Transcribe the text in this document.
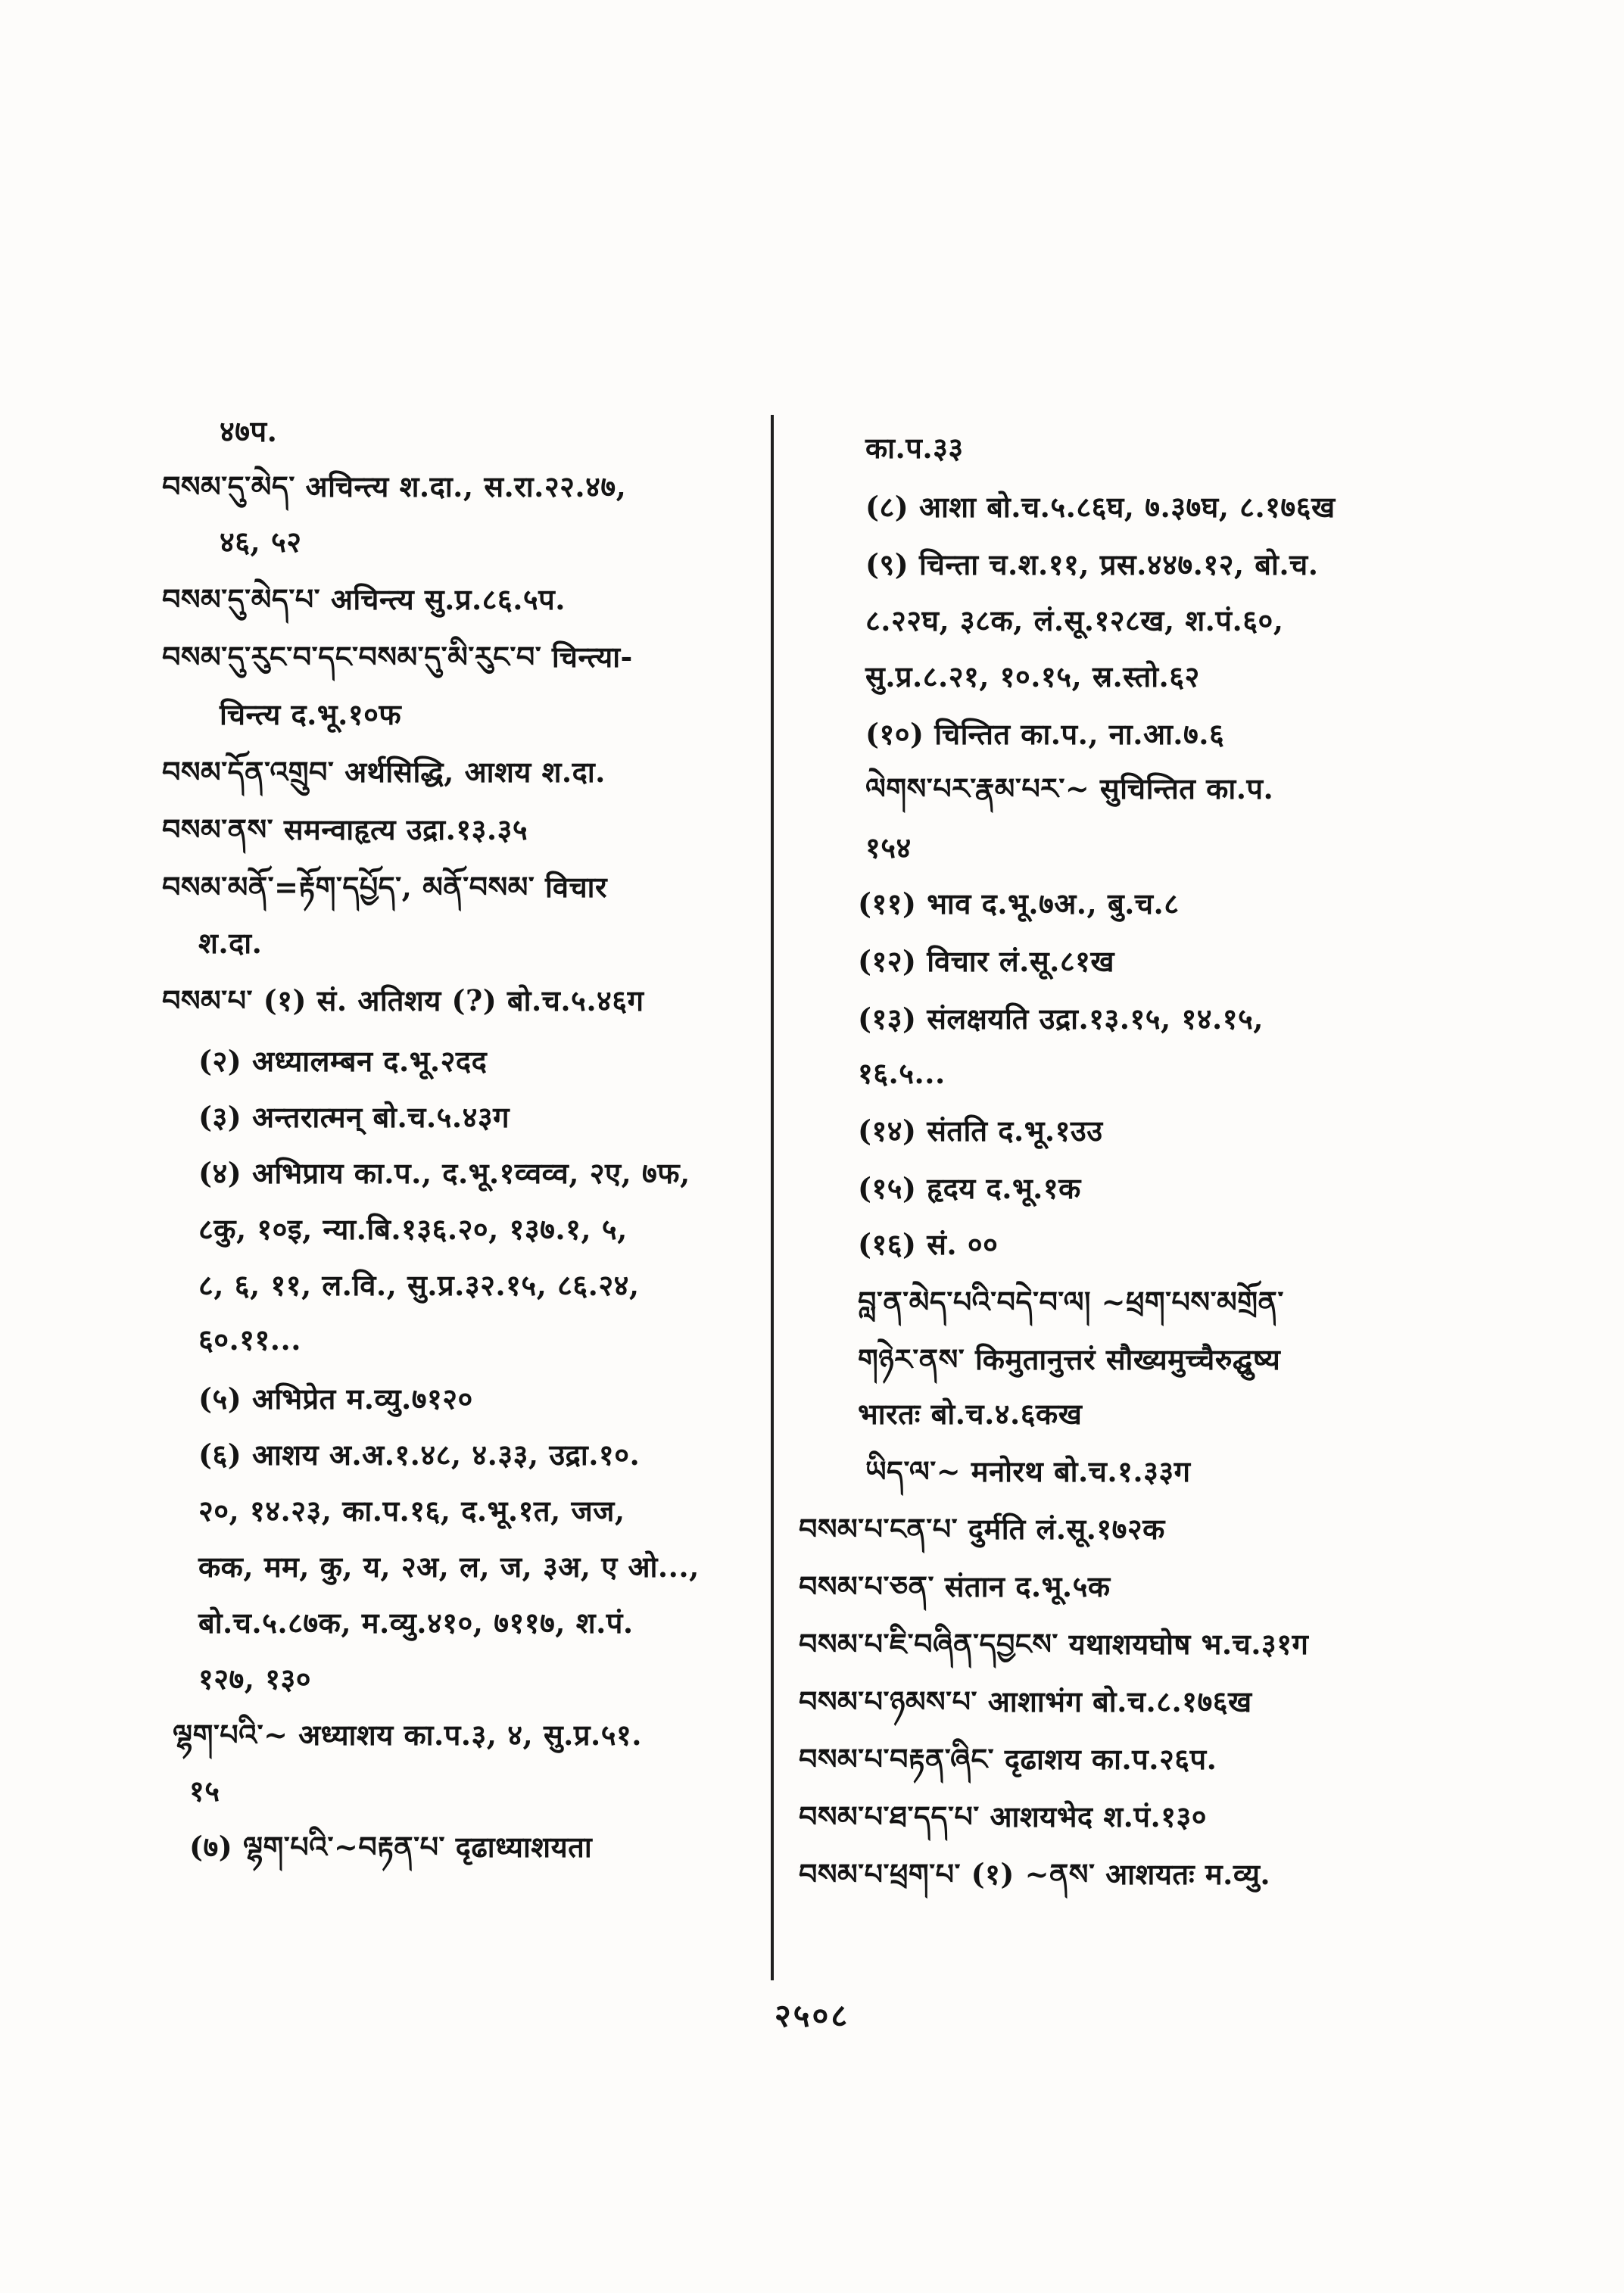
४७प.
བསམ་དུ་མེད་ अचिन्त्य श.दा., स.रा.२२.४७,
४६, ५२
བསམ་དུ་མེད་པ་ अचिन्त्य सु.प्र.८६.५प.
བསམ་དུ་རུང་བ་དང་བསམ་དུ་མི་རུང་བ་ चिन्त्या-
चिन्त्य द.भू.१०फ
བསམ་དོན་འགྲུབ་ अर्थसिद्धि, आशय श.दा.
བསམ་ནས་ समन्वाहृत्य उद्रा.१३.३५
བསམ་མནོ་=རྟོག་དཔྱོད་, མནོ་བསམ་ विचार
श.दा.
བསམ་པ་ (१) सं. अतिशय (?) बो.च.५.४६ग
(२) अध्यालम्बन द.भू.२दद
(३) अन्तरात्मन् बो.च.५.४३ग
(४) अभिप्राय का.प., द.भू.१व्वव्व, २ए, ७फ,
८कु, १०इ, न्या.बि.१३६.२०, १३७.१, ५,
८, ६, ११, ल.वि., सु.प्र.३२.१५, ८६.२४,
६०.११...
(५) अभिप्रेत म.व्यु.७१२०
(६) आशय अ.अ.१.४८, ४.३३, उद्रा.१०.
२०, १४.२३, का.प.१६, द.भू.१त, जज,
कक, मम, कु, य, २अ, ल, ज, ३अ, ए ओ...,
बो.च.५.८७क, म.व्यु.४१०, ७११७, श.पं.
१२७, १३०
ལྷག་པའི་~ अध्याशय का.प.३, ४, सु.प्र.५१.
१५
(७) ལྷག་པའི་~བརྟན་པ་ दृढाध्याशयता
का.प.३३
(८) आशा बो.च.५.८६घ, ७.३७घ, ८.१७६ख
(९) चिन्ता च.श.११, प्रस.४४७.१२, बो.च.
८.२२घ, ३८क, लं.सू.१२८ख, श.पं.६०,
सु.प्र.८.२१, १०.१५, स्र.स्तो.६२
(१०) चिन्तित का.प., ना.आ.७.६
ལེགས་པར་རྣམ་པར་~ सुचिन्तित का.प.
१५४
(११) भाव द.भू.७अ., बु.च.८
(१२) विचार लं.सू.८१ख
(१३) संलक्षयति उद्रा.१३.१५, १४.१५,
१६.५...
(१४) संतति द.भू.१उउ
(१५) हृदय द.भू.१क
(१६) सं. ००
བླ་ན་མེད་པའི་བདེ་བ་ལ། ~ཕྲག་པས་མགྲོན་
གཉེར་ནས་ किमुतानुत्तरं सौख्यमुच्चैरुद्घुष्य
भारतः बो.च.४.६कख
ཡིད་ལ་~ मनोरथ बो.च.१.३३ग
བསམ་པ་ངན་པ་ दुर्मति लं.सू.१७२क
བསམ་པ་ཅན་ संतान द.भू.५क
བསམ་པ་ཇི་བཞིན་དབྱངས་ यथाशयघोष भ.च.३१ग
བསམ་པ་ཉམས་པ་ आशाभंग बो.च.८.१७६ख
བསམ་པ་བརྟན་ཞིང་ दृढाशय का.प.२६प.
བསམ་པ་ཐ་དད་པ་ आशयभेद श.पं.१३०
བསམ་པ་ཕྲག་པ་ (१) ~ནས་ आशयतः म.व्यु.
२५०८
